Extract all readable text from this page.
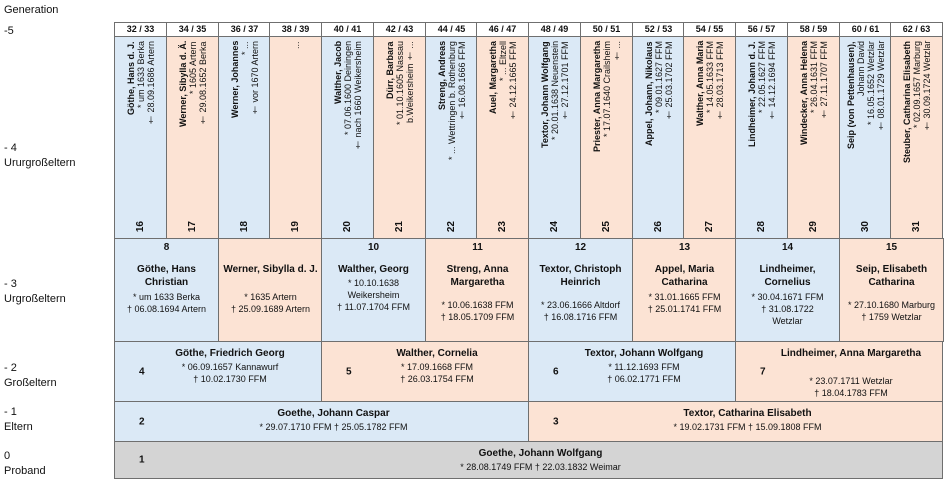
Generation
-5
- 4
Ururgroßeltern
- 3
Urgroßeltern
- 2
Großeltern
- 1
Eltern
0
Proband
32 / 33	34 / 35	36 / 37	38 / 39	40 / 41	42 / 43	44 / 45	46 / 47	48 / 49	50 / 51	52 / 53	54 / 55	56 / 57	58 / 59	60 / 61	62 / 63
Göthe, Hans d. J. * um 1633 Berka † 28.09.1686 Artern
16
Werner, Sibylla d. Ä. * 1605 Artern † 29.08.1652 Berka
17
Werner, Johannes * ... † vor 1670 Artern
18
...
19
Walther, Jacob * 07.06.1600 Deiningen † nach 1660 Weikersheim
20
Dürr, Barbara * 01.10.1605 Nassau b.Weikersheim † ...
21
Streng, Andreas * ... Wettringen b. Rothenburg † 16.08.1666 FFM
22
Auel, Margaretha * ... Eltzell † 24.12.1665 FFM
23
Textor, Johann Wolfgang * 20.01.1638 Neuenstein † 27.12.1701 FFM
24
Priester, Anna Margaretha * 17.07.1640 Crailsheim † ...
25
Appel, Johann, Nikolaus * 09.01.1627 FFM † 25.03.1702 FFM
26
Walther, Anna Maria * 14.05.1633 FFM † 28.03.1713 FFM
27
Lindheimer, Johann d. J. * 22.05.1627 FFM † 14.12.1694 FFM
28
Windecker, Anna Helena * 26.04.1631 FFM † 27.11.1707 FFM
29
Seip (von Pettenhausen), Johann David * 16.05.1652 Wetzlar † 08.01.1729 Wetzlar
30
Steuber, Catharina Elisabeth * 02.09.1657 Marburg † 30.09.1724 Wetzlar
31
8
Göthe, Hans Christian
* um 1633 Berka
† 06.08.1694 Artern
Werner, Sibylla d. J.
* 1635 Artern
† 25.09.1689 Artern
10
Walther, Georg
* 10.10.1638
Weikersheim
† 11.07.1704 FFM
11
Streng, Anna Margaretha
* 10.06.1638 FFM
† 18.05.1709 FFM
12
Textor, Christoph Heinrich
* 23.06.1666 Altdorf
† 16.08.1716 FFM
13
Appel, Maria Catharina
* 31.01.1665 FFM
† 25.01.1741 FFM
14
Lindheimer, Cornelius
* 30.04.1671 FFM
† 31.08.1722
Wetzlar
15
Seip, Elisabeth Catharina
* 27.10.1680 Marburg
† 1759 Wetzlar
4
Göthe, Friedrich Georg
* 06.09.1657 Kannawurf
† 10.02.1730 FFM
5
Walther, Cornelia
* 17.09.1668 FFM
† 26.03.1754 FFM
6
Textor, Johann Wolfgang
* 11.12.1693 FFM
† 06.02.1771 FFM
7
Lindheimer, Anna Margaretha
* 23.07.1711 Wetzlar
† 18.04.1783 FFM
2
Goethe, Johann Caspar
* 29.07.1710 FFM † 25.05.1782 FFM	3
Textor, Catharina Elisabeth
* 19.02.1731 FFM † 15.09.1808 FFM
1
Goethe, Johann Wolfgang
* 28.08.1749 FFM † 22.03.1832 Weimar
